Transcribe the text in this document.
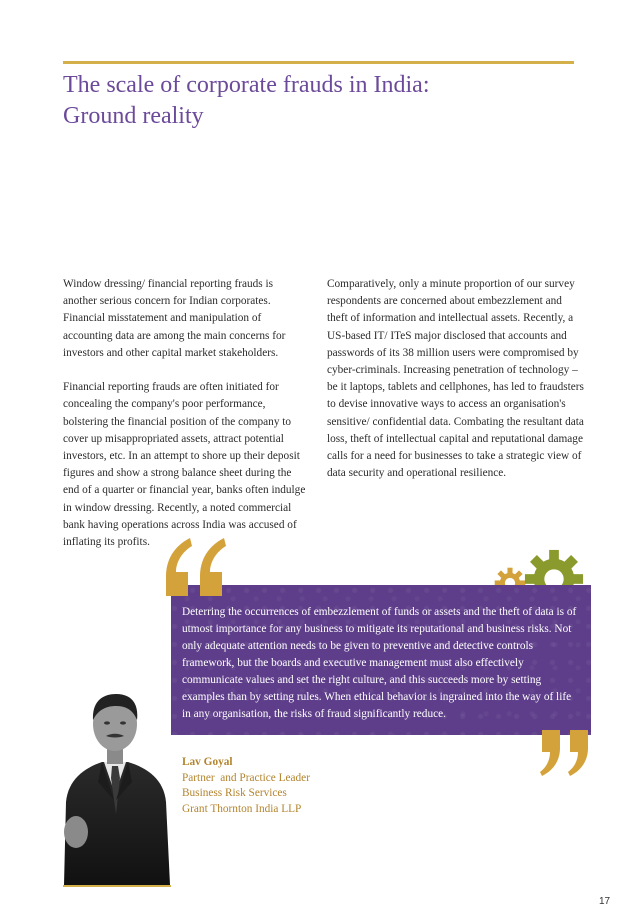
The scale of corporate frauds in India:
Ground reality

Window dressing/ financial reporting frauds is another serious concern for Indian corporates. Financial misstatement and manipulation of accounting data are among the main concerns for investors and other capital market stakeholders.

Financial reporting frauds are often initiated for concealing the company's poor performance, bolstering the financial position of the company to cover up misappropriated assets, attract potential investors, etc. In an attempt to shore up their deposit figures and show a strong balance sheet during the end of a quarter or financial year, banks often indulge in window dressing. Recently, a noted commercial bank having operations across India was accused of inflating its profits.

Comparatively, only a minute proportion of our survey respondents are concerned about embezzlement and theft of information and intellectual assets. Recently, a US-based IT/ ITeS major disclosed that accounts and passwords of its 38 million users were compromised by cyber-criminals. Increasing penetration of technology – be it laptops, tablets and cellphones, has led to fraudsters to devise innovative ways to access an organisation's sensitive/ confidential data. Combating the resultant data loss, theft of intellectual capital and reputational damage calls for a need for businesses to take a strategic view of data security and operational resilience.

Deterring the occurrences of embezzlement of funds or assets and the theft of data is of utmost importance for any business to mitigate its reputational and business risks. Not only adequate attention needs to be given to preventive and detective controls framework, but the boards and executive management must also effectively communicate values and set the right culture, and this succeeds more by setting examples than by setting rules. When ethical behavior is ingrained into the way of life in any organisation, the risks of fraud significantly reduce.
Lav Goyal
Partner  and Practice Leader
Business Risk Services
Grant Thornton India LLP
17
